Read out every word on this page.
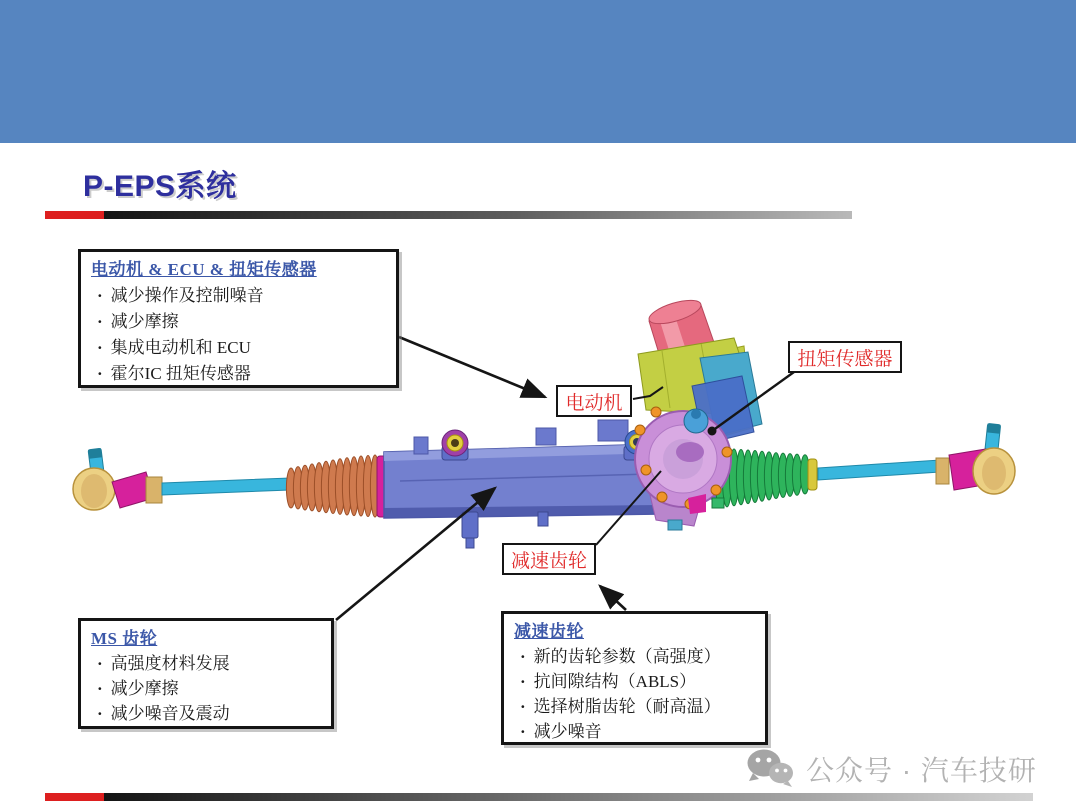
P-EPS系统
电动机 & ECU & 扭矩传感器
· 减少操作及控制噪音
· 减少摩擦
· 集成电动机和 ECU
· 霍尔IC 扭矩传感器
MS 齿轮
· 高强度材料发展
· 减少摩擦
· 减少噪音及震动
减速齿轮
· 新的齿轮参数（高强度）
· 抗间隙结构（ABLS）
· 选择树脂齿轮（耐高温）
· 减少噪音
电动机
扭矩传感器
减速齿轮
公众号 · 汽车技研
